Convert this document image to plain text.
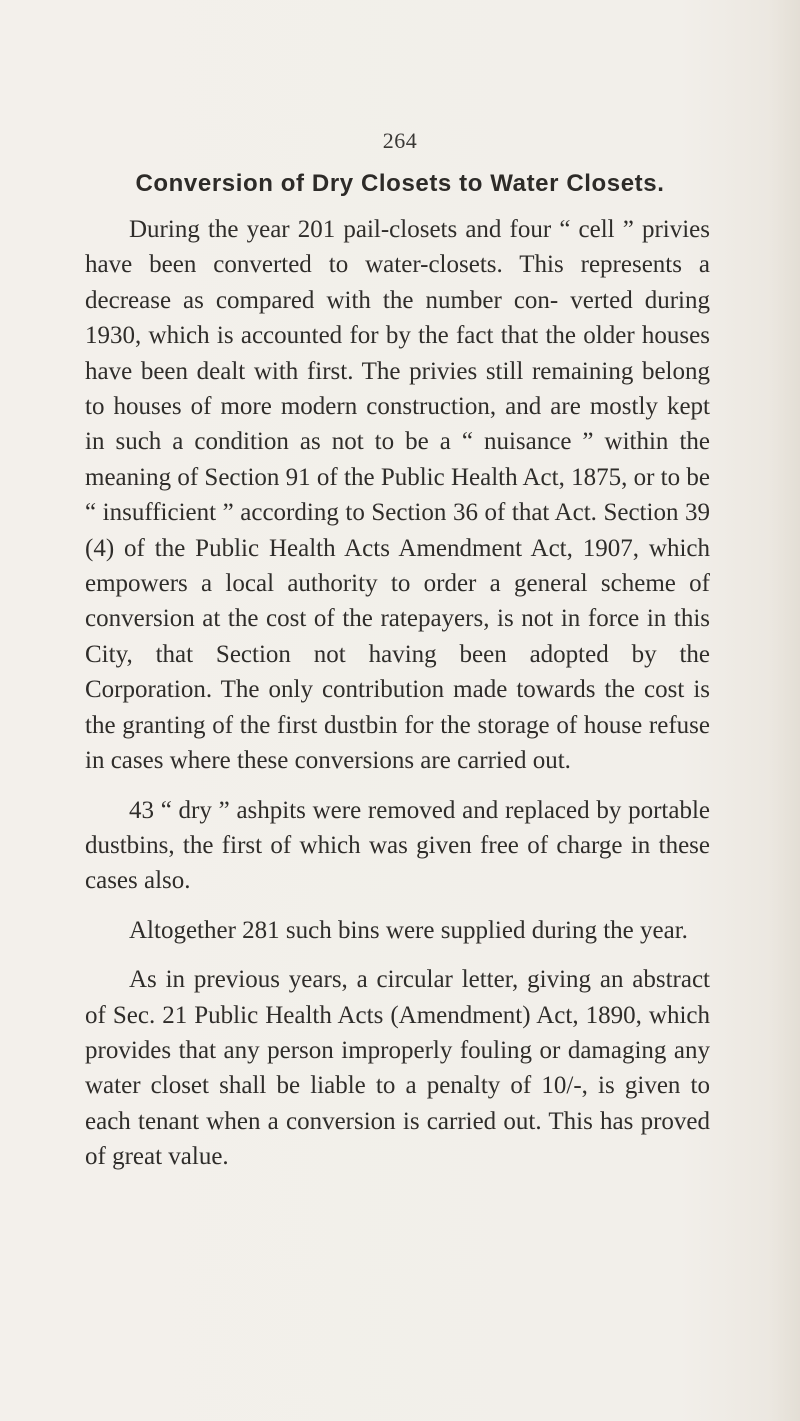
264
Conversion of Dry Closets to Water Closets.

During the year 201 pail-closets and four “ cell ” privies have been converted to water-closets. This represents a decrease as compared with the number con- verted during 1930, which is accounted for by the fact that the older houses have been dealt with first. The privies still remaining belong to houses of more modern construction, and are mostly kept in such a condition as not to be a “ nuisance ” within the meaning of Section 91 of the Public Health Act, 1875, or to be “ insufficient ” according to Section 36 of that Act. Section 39 (4) of the Public Health Acts Amendment Act, 1907, which empowers a local authority to order a general scheme of conversion at the cost of the ratepayers, is not in force in this City, that Section not having been adopted by the Corporation. The only contribution made towards the cost is the granting of the first dustbin for the storage of house refuse in cases where these conversions are carried out.

43 “ dry ” ashpits were removed and replaced by portable dustbins, the first of which was given free of charge in these cases also.

Altogether 281 such bins were supplied during the year.

As in previous years, a circular letter, giving an abstract of Sec. 21 Public Health Acts (Amendment) Act, 1890, which provides that any person improperly fouling or damaging any water closet shall be liable to a penalty of 10/-, is given to each tenant when a conversion is carried out. This has proved of great value.
